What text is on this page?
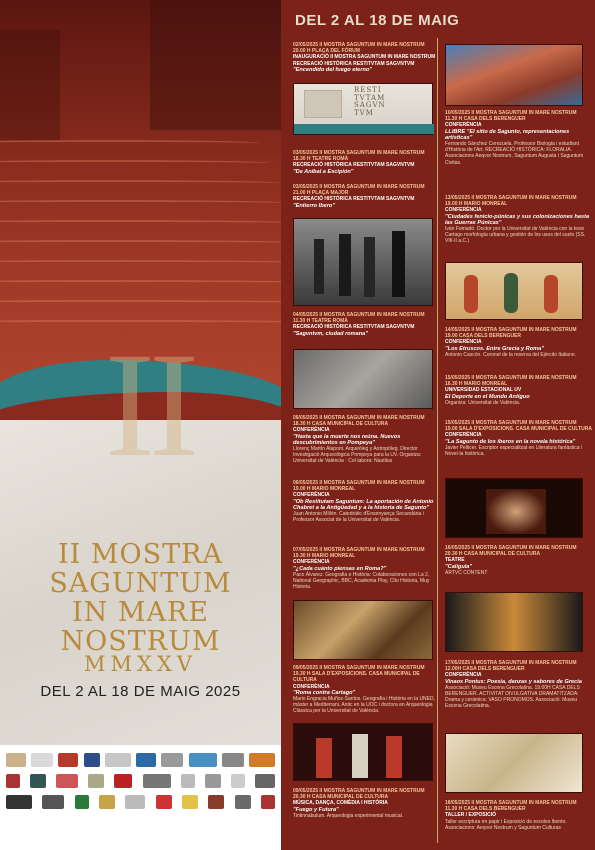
II
II MOSTRA
SAGUNTUM
IN MARE
NOSTRUM
MMXXV
DEL 2 AL 18 DE MAIG 2025
DEL 2 AL 18 DE MAIG
RESTI
TVTAM
SAGVN
TVM
02/05/2025 II MOSTRA SAGUNTUM IN MARE NOSTRUM
20.00 H PLAÇA DEL FÒRUM
INAUGURACIÓ II MOSTRA SAGUNTUM IN MARE NOSTRUM
RECREACIÓ HISTÒRICA RESTITVTAM SAGVNTVM
"Encendido del fuego eterno"
03/05/2025 II MOSTRA SAGUNTUM IN MARE NOSTRUM
18.30 H TEATRE ROMÀ
RECREACIÓ HISTÒRICA RESTITVTAM SAGVNTVM
"De Aníbal a Escipión"
03/05/2025 II MOSTRA SAGUNTUM IN MARE NOSTRUM
21.00 H PLAÇA MAJOR
RECREACIÓ HISTÒRICA RESTITVTAM SAGVNTVM
"Entierro Ibero"
04/05/2025 II MOSTRA SAGUNTUM IN MARE NOSTRUM
11.30 H TEATRE ROMÀ
RECREACIÓ HISTÒRICA RESTITVTAM SAGVNTVM
"Sagvntvm, ciudad romana"
06/05/2025 II MOSTRA SAGUNTUM IN MARE NOSTRUM
18.30 H CASA MUNICIPAL DE CULTURA
CONFERÈNCIA
"Hasta que la muerte nos reúna. Nuevos descubrimientos en Pompeya"
Llorenç Martín Alapont. Arqueòleg y Antropòleg. Director Investigació Arqueològica Pompeya para la UV. Organiza: Universitat de València · Col·labora: Nautilus
06/05/2025 II MOSTRA SAGUNTUM IN MARE NOSTRUM
19.00 H MARIO MONREAL
CONFERÈNCIA
"Ob Restitutam Saguntum: La aportación de Antonio Chabret a la Antigüedad y a la historia de Sagunto"
Juan Antonio Millón. Catedràtic d'Ensenyança Secundària i Professor Associat de la Universitat de València.
07/05/2025 II MOSTRA SAGUNTUM IN MARE NOSTRUM
19.30 H MARIO MONREAL
CONFERÈNCIA
"¿Cada cuánto piensas en Roma?"
Paco Álvarez. Geografia e Història: Colaboraciones con La 2, National Geographic, BBC, Academia Play, Clío Historia, Muy Historia.
09/05/2025 II MOSTRA SAGUNTUM IN MARE NOSTRUM
19.30 H SALA D'EXPOSICIONS. CASA MUNICIPAL DE CULTURA
CONFERÈNCIA
"Roma contra Cartago"
Mario Engracia Muñoz-Santos. Geografia i Història en la UNED, màster a Mediterrani. Antic en la UOC i doctora en Arqueologia Clàssica per la Universitat de València.
09/05/2025 II MOSTRA SAGUNTUM IN MARE NOSTRUM
20.30 H CASA MUNICIPAL DE CULTURA
MÚSICA, DANÇA, COMÈDIA I HISTÒRIA
"Fuego y Futura"
Tintinnabulum. Arqueologia experimental musical.
10/05/2025 II MOSTRA SAGUNTUM IN MARE NOSTRUM
11.30 H CASA DELS BERENGUER
CONFERÈNCIA
LLIBRE "El sitio de Sagunto, representaciones artísticas"
Fernando Sánchez Cerezuela. Professor Biologia i estudiant d'Història de l'Art. RECREACIÓ HISTÒRICA: FLORALIA. Associacions Aeqvor Nostrum, Saguntum Augusta i Saguntum Civitas.
13/05/2025 II MOSTRA SAGUNTUM IN MARE NOSTRUM
19.00 H MARIO MONREAL
CONFERÈNCIA
"Ciudades fenicio-púnicas y sus colonizaciones hasta las Guerras Púnicas"
Iván Fumadó. Doctor por la Universitat de València con la tesis Cartago morfología urbana y gestión de los usos del suelo (SS. VIII-II a.C.)
14/05/2025 II MOSTRA SAGUNTUM IN MARE NOSTRUM
19.00 CASA DELS BERENGUER
CONFERÈNCIA
"Los Etruscos. Entre Grecia y Roma"
Antonio Cascón. Coronel de la reserva del Ejército Italiano.
15/05/2025 II MOSTRA SAGUNTUM IN MARE NOSTRUM
16.30 H MARIO MONREAL
UNIVERSIDAD ESTACIONAL UV
El Deporte en el Mundo Antiguo
Organiza: Universitat de València.
15/05/2025 II MOSTRA SAGUNTUM IN MARE NOSTRUM
19.00 SALA D'EXPOSICIONS. CASA MUNICIPAL DE CULTURA
CONFERÈNCIA
"La Sagunto de los íberos en la novela histórica"
Javier Pellicer. Escriptor especialitzat en Literatura fantàstica i Novel·la històrica.
16/05/2025 II MOSTRA SAGUNTUM IN MARE NOSTRUM
20.30 H CASA MUNICIPAL DE CULTURA
TEATRE
"Calígula"
ARTVC CONTENT
17/05/2025 II MOSTRA SAGUNTUM IN MARE NOSTRUM
12.00H CASA DELS BERENGUER
CONFERÈNCIA
Vinaos Pontus: Poesia, danzas y sabores de Grecia
Associació: Museu Escena Grecolatina. 19.00H CASA DELS BERENGUER. ACTIVITAT DIVULGATIVA DRAMATITZADA: Drama y cerámica: VASO PRONOMOS. Associació: Museu Escena Grecolatina.
18/05/2025 II MOSTRA SAGUNTUM IN MARE NOSTRUM
11.30 H CASA DELS BERENGUER
TALLER / EXPOSICIÓ
Taller escriptura en papir i Exposició de escoles lbonto. Associacions: Aeqvor Nostrum y Saguntum Culturas
